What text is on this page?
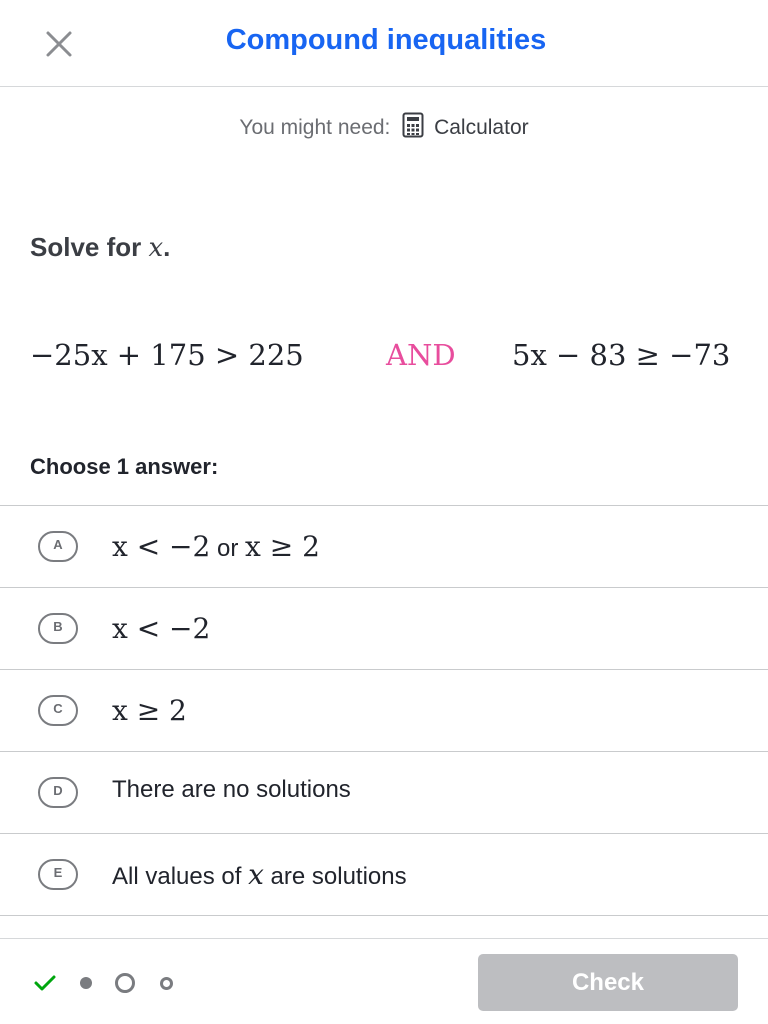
Compound inequalities
You might need: Calculator
Solve for x.
−25x + 175 > 225	AND 5x − 83 ≥ −73
Choose 1 answer:
A	x < −2 or x ≥ 2
B	x < −2
C	x ≥ 2
D	There are no solutions
E	All values of x are solutions
Check
